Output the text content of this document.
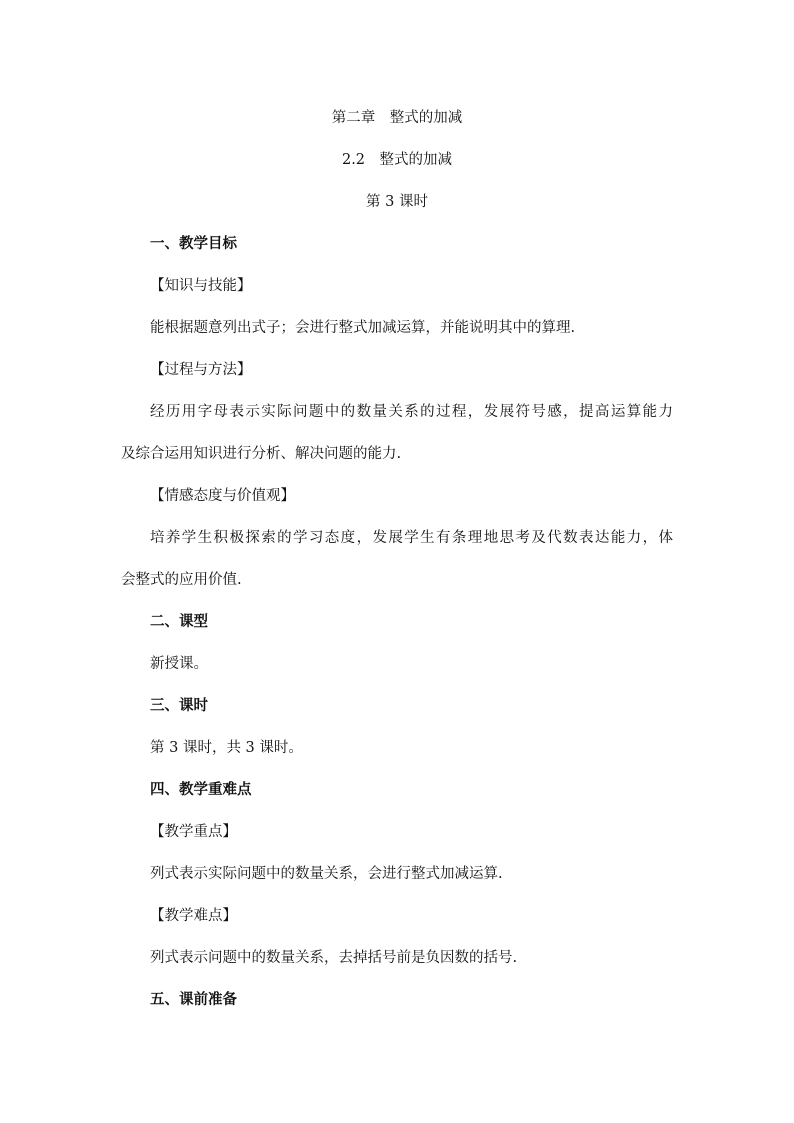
第二章　整式的加减
2.2　整式的加减
第 3 课时
一、教学目标
【知识与技能】
能根据题意列出式子；会进行整式加减运算，并能说明其中的算理.
【过程与方法】
经历用字母表示实际问题中的数量关系的过程，发展符号感，提高运算能力
及综合运用知识进行分析、解决问题的能力.
【情感态度与价值观】
培养学生积极探索的学习态度，发展学生有条理地思考及代数表达能力，体
会整式的应用价值.
二、课型
新授课。
三、课时
第 3 课时，共 3 课时。
四、教学重难点
【教学重点】
列式表示实际问题中的数量关系，会进行整式加减运算.
【教学难点】
列式表示问题中的数量关系，去掉括号前是负因数的括号.
五、课前准备
